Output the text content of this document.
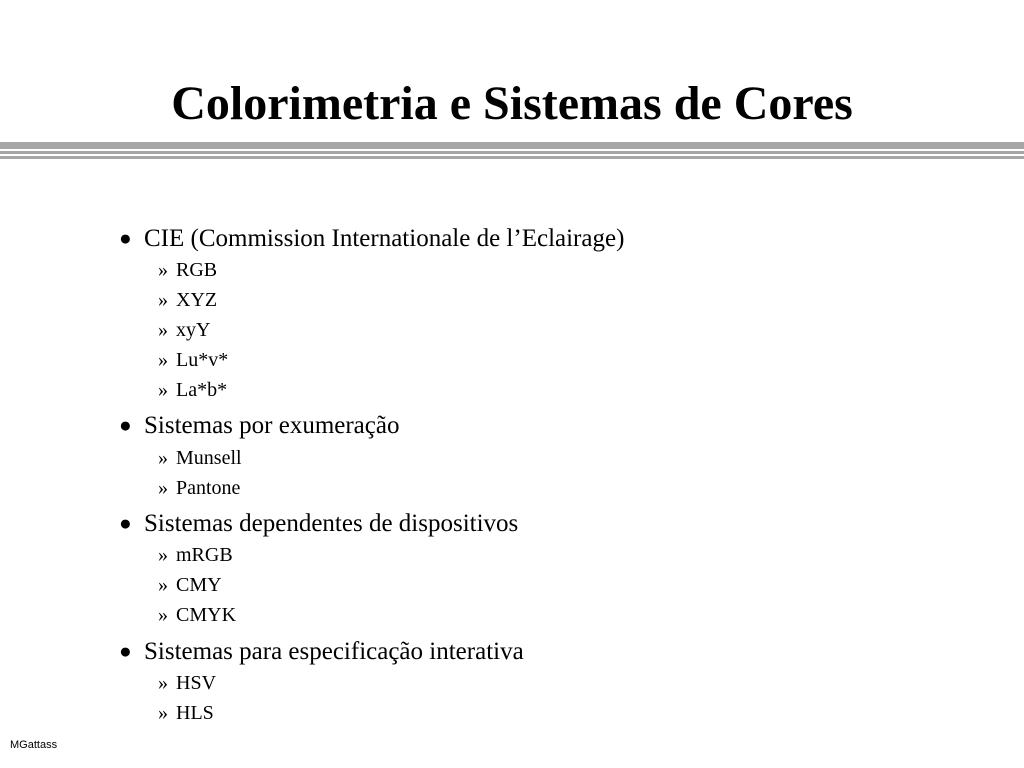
Colorimetria e Sistemas de Cores
●CIE (Commission Internationale de l’Eclairage)
» RGB
» XYZ
» xyY
» Lu*v*
» La*b*
● Sistemas por exumeração
» Munsell
» Pantone
● Sistemas dependentes de dispositivos
» mRGB
» CMY
» CMYK
● Sistemas para especificação interativa
» HSV
» HLS
MGattass
